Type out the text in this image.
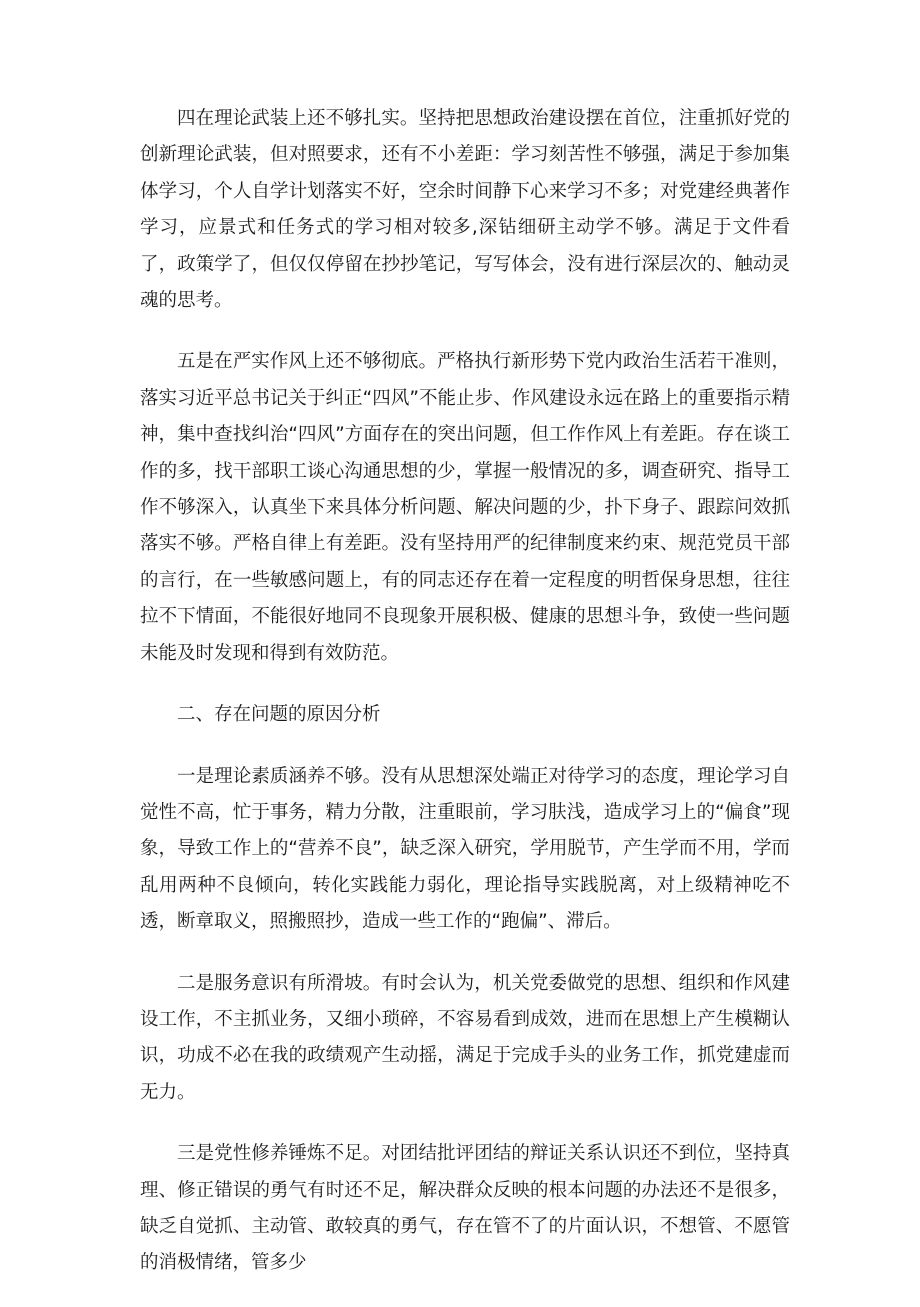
四在理论武装上还不够扎实。坚持把思想政治建设摆在首位，注重抓好党的创新理论武装，但对照要求，还有不小差距：学习刻苦性不够强，满足于参加集体学习，个人自学计划落实不好，空余时间静下心来学习不多；对党建经典著作学习，应景式和任务式的学习相对较多,深钻细研主动学不够。满足于文件看了，政策学了，但仅仅停留在抄抄笔记，写写体会，没有进行深层次的、触动灵魂的思考。

五是在严实作风上还不够彻底。严格执行新形势下党内政治生活若干准则，落实习近平总书记关于纠正“四风”不能止步、作风建设永远在路上的重要指示精神，集中查找纠治“四风”方面存在的突出问题，但工作作风上有差距。存在谈工作的多，找干部职工谈心沟通思想的少，掌握一般情况的多，调查研究、指导工作不够深入，认真坐下来具体分析问题、解决问题的少，扑下身子、跟踪问效抓落实不够。严格自律上有差距。没有坚持用严的纪律制度来约束、规范党员干部的言行，在一些敏感问题上，有的同志还存在着一定程度的明哲保身思想，往往拉不下情面，不能很好地同不良现象开展积极、健康的思想斗争，致使一些问题未能及时发现和得到有效防范。

二、存在问题的原因分析

一是理论素质涵养不够。没有从思想深处端正对待学习的态度，理论学习自觉性不高，忙于事务，精力分散，注重眼前，学习肤浅，造成学习上的“偏食”现象，导致工作上的“营养不良”，缺乏深入研究，学用脱节，产生学而不用，学而乱用两种不良倾向，转化实践能力弱化，理论指导实践脱离，对上级精神吃不透，断章取义，照搬照抄，造成一些工作的“跑偏”、滞后。

二是服务意识有所滑坡。有时会认为，机关党委做党的思想、组织和作风建设工作，不主抓业务，又细小琐碎，不容易看到成效，进而在思想上产生模糊认识，功成不必在我的政绩观产生动摇，满足于完成手头的业务工作，抓党建虚而无力。

三是党性修养锤炼不足。对团结批评团结的辩证关系认识还不到位，坚持真理、修正错误的勇气有时还不足，解决群众反映的根本问题的办法还不是很多，缺乏自觉抓、主动管、敢较真的勇气，存在管不了的片面认识，不想管、不愿管的消极情绪，管多少
